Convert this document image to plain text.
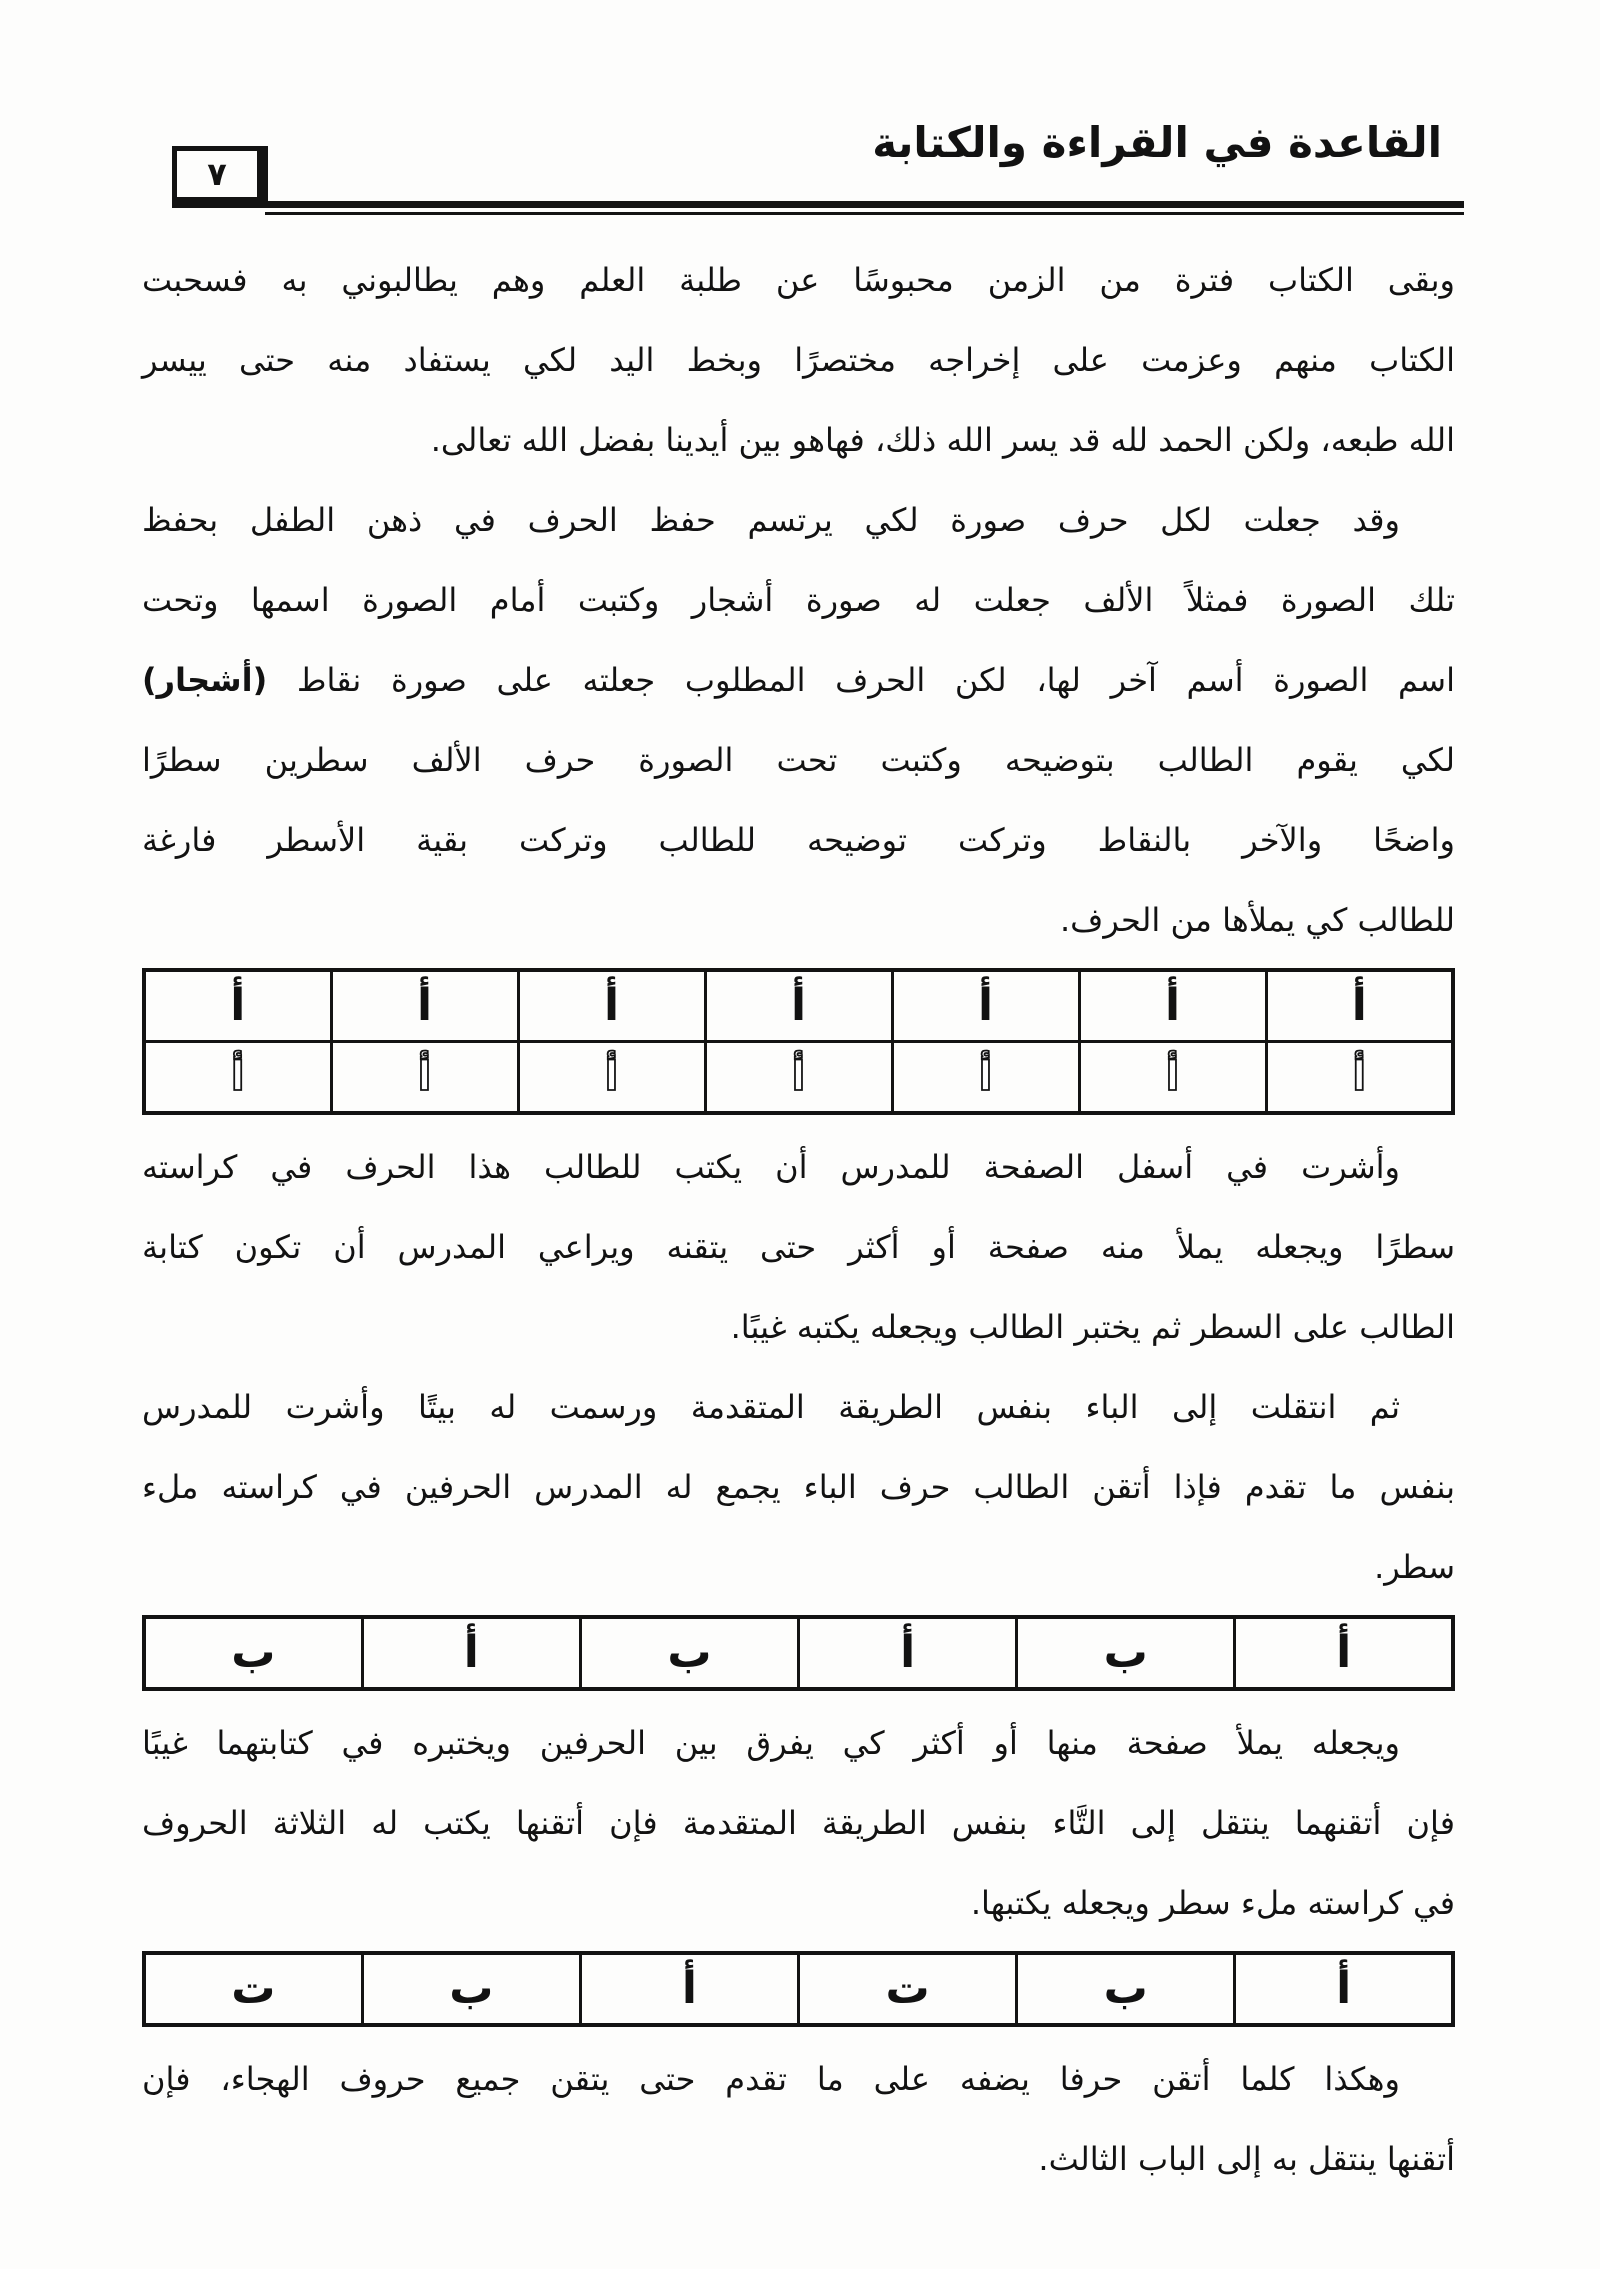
٧
القاعدة في القراءة والكتابة
وبقى الكتاب فترة من الزمن محبوسًا عن طلبة العلم وهم يطالبوني به فسحبت
الكتاب منهم وعزمت على إخراجه مختصرًا وبخط اليد لكي يستفاد منه حتى ييسر
الله طبعه، ولكن الحمد لله قد يسر الله ذلك، فهاهو بين أيدينا بفضل الله تعالى.
وقد جعلت لكل حرف صورة لكي يرتسم حفظ الحرف في ذهن الطفل بحفظ
تلك الصورة فمثلاً الألف جعلت له صورة أشجار وكتبت أمام الصورة اسمها وتحت
اسم الصورة أسم آخر لها، لكن الحرف المطلوب جعلته على صورة نقاط (أشجار)
لكي يقوم الطالب بتوضيحه وكتبت تحت الصورة حرف الألف سطرين سطرًا
واضحًا والآخر بالنقاط وتركت توضيحه للطالب وتركت بقية الأسطر فارغة
للطالب كي يملأها من الحرف.
أ	أ	أ	أ	أ	أ	أ
أ	أ	أ	أ	أ	أ	أ
وأشرت في أسفل الصفحة للمدرس أن يكتب للطالب هذا الحرف في كراسته
سطرًا ويجعله يملأ منه صفحة أو أكثر حتى يتقنه ويراعي المدرس أن تكون كتابة
الطالب على السطر ثم يختبر الطالب ويجعله يكتبه غيبًا.
ثم انتقلت إلى الباء بنفس الطريقة المتقدمة ورسمت له بيتًا وأشرت للمدرس
بنفس ما تقدم فإذا أتقن الطالب حرف الباء يجمع له المدرس الحرفين في كراسته ملء
سطر.
أ	ب	أ	ب	أ	ب
ويجعله يملأ صفحة منها أو أكثر كي يفرق بين الحرفين ويختبره في كتابتهما غيبًا
فإن أتقنهما ينتقل إلى التَّاء بنفس الطريقة المتقدمة فإن أتقنها يكتب له الثلاثة الحروف
في كراسته ملء سطر ويجعله يكتبها.
أ	ب	ت	أ	ب	ت
وهكذا كلما أتقن حرفا يضفه على ما تقدم حتى يتقن جميع حروف الهجاء، فإن
أتقنها ينتقل به إلى الباب الثالث.
